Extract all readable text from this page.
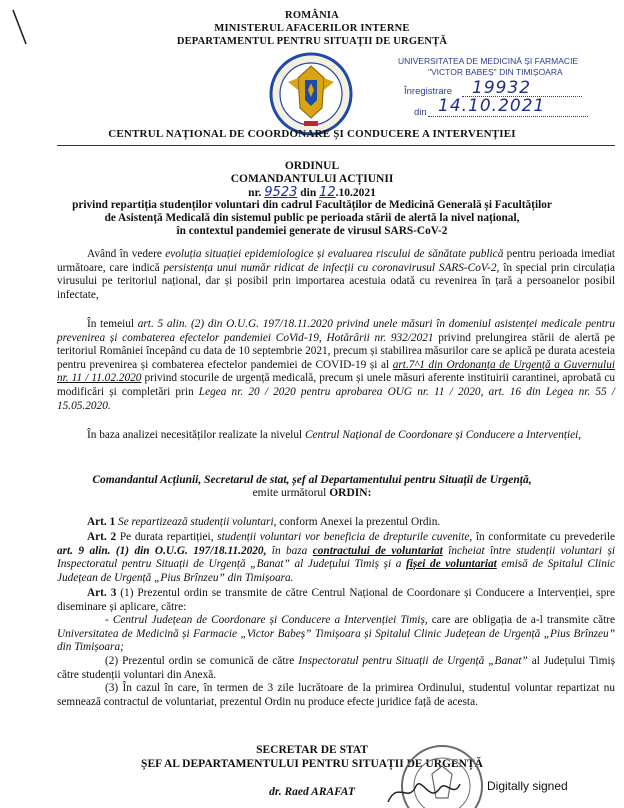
ROMÂNIA
MINISTERUL AFACERILOR INTERNE
DEPARTAMENTUL PENTRU SITUAȚII DE URGENȚĂ
UNIVERSITATEA DE MEDICINĂ ȘI FARMACIE
"VICTOR BABEȘ" DIN TIMIȘOARA
Înregistrare 19932
din 14.10.2021
CENTRUL NAȚIONAL DE COORDONARE ȘI CONDUCERE A INTERVENȚIEI
ORDINUL
COMANDANTULUI ACȚIUNII
nr. 9523 din 12.10.2021
privind repartiția studenților voluntari din cadrul Facultăților de Medicină Generală și Facultăților
de Asistență Medicală din sistemul public pe perioada stării de alertă la nivel național,
în contextul pandemiei generate de virusul SARS-CoV-2

Având în vedere evoluția situației epidemiologice și evaluarea riscului de sănătate publică pentru perioada imediat următoare, care indică persistența unui număr ridicat de infecții cu coronavirusul SARS-CoV-2, în special prin circulația virusului pe teritoriul național, dar și posibil prin importarea acestuia odată cu revenirea în țară a persoanelor posibil infectate,

În temeiul art. 5 alin. (2) din O.U.G. 197/18.11.2020 privind unele măsuri în domeniul asistenței medicale pentru prevenirea și combaterea efectelor pandemiei CoVid-19, Hotărârii nr. 932/2021 privind prelungirea stării de alertă pe teritoriul României începând cu data de 10 septembrie 2021, precum și stabilirea măsurilor care se aplică pe durata acesteia pentru prevenirea și combaterea efectelor pandemiei de COVID-19 și al art.7^1 din Ordonanța de Urgență a Guvernului nr. 11 / 11.02.2020 privind stocurile de urgență medicală, precum și unele măsuri aferente instituirii carantinei, aprobată cu modificări și completări prin Legea nr. 20 / 2020 pentru aprobarea OUG nr. 11 / 2020, art. 16 din Legea nr. 55 / 15.05.2020.

În baza analizei necesităților realizate la nivelul Centrul Național de Coordonare și Conducere a Intervenției,

Comandantul Acțiunii, Secretarul de stat, șef al Departamentului pentru Situații de Urgență,
emite următorul ORDIN:

Art. 1 Se repartizează studenții voluntari, conform Anexei la prezentul Ordin.

Art. 2 Pe durata repartiției, studenții voluntari vor beneficia de drepturile cuvenite, în conformitate cu prevederile art. 9 alin. (1) din O.U.G. 197/18.11.2020, în baza contractului de voluntariat încheiat între studenții voluntari și Inspectoratul pentru Situații de Urgență „Banat” al Județului Timiș și a fișei de voluntariat emisă de Spitalul Clinic Județean de Urgență „Pius Brînzeu” din Timișoara.

Art. 3 (1) Prezentul ordin se transmite de către Centrul Național de Coordonare și Conducere a Intervenției, spre diseminare și aplicare, către:

- Centrul Județean de Coordonare și Conducere a Intervenției Timiș, care are obligația de a-l transmite către Universitatea de Medicină și Farmacie „Victor Babeș” Timișoara și Spitalul Clinic Județean de Urgență „Pius Brînzeu” din Timișoara;

(2) Prezentul ordin se comunică de către Inspectoratul pentru Situații de Urgență „Banat” al Județului Timiș către studenții voluntari din Anexă.

(3) În cazul în care, în termen de 3 zile lucrătoare de la primirea Ordinului, studentul voluntar repartizat nu semnează contractul de voluntariat, prezentul Ordin nu produce efecte juridice față de acesta.

SECRETAR DE STAT
ȘEF AL DEPARTAMENTULUI PENTRU SITUAȚII DE URGENȚĂ
dr. Raed ARAFAT	Digitally signed
